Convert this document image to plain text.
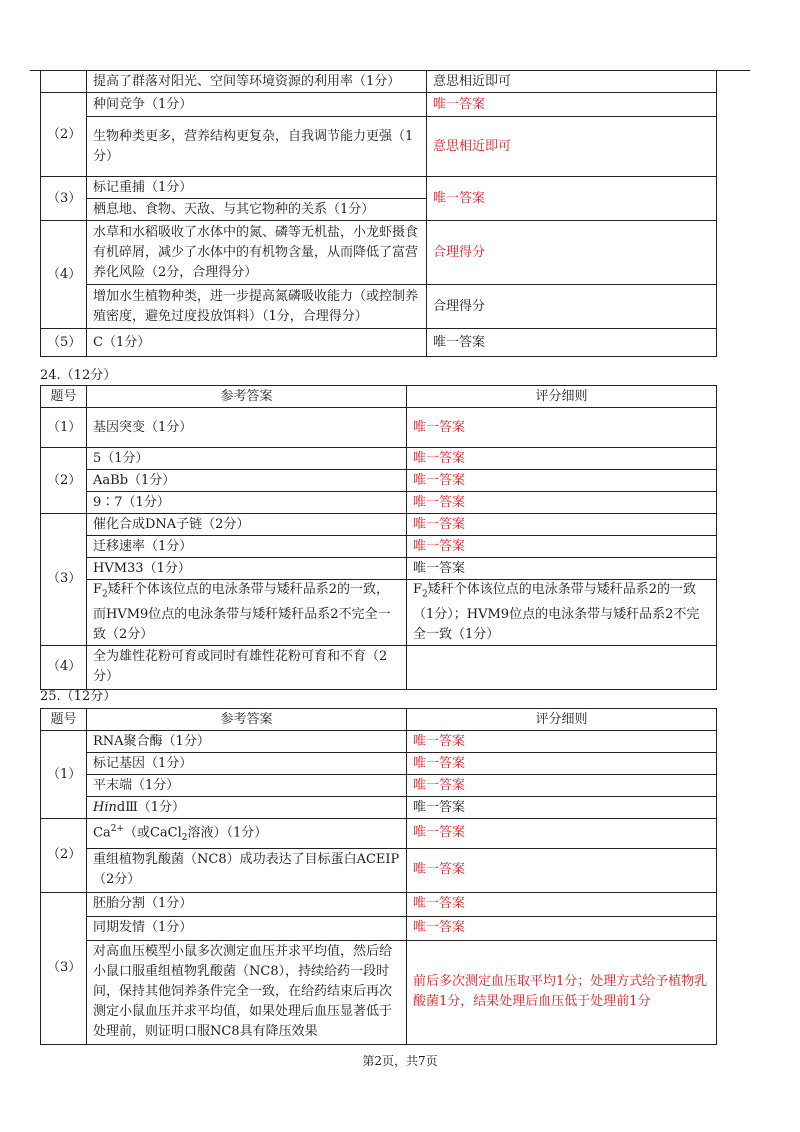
	提高了群落对阳光、空间等环境资源的利用率（1分）	意思相近即可
（2）	种间竞争（1分）	唯一答案
	生物种类更多，营养结构更复杂，自我调节能力更强（1分）	意思相近即可
（3）	标记重捕（1分）	唯一答案
	栖息地、食物、天敌、与其它物种的关系（1分）	
（4）	水草和水稻吸收了水体中的氮、磷等无机盐，小龙虾摄食有机碎屑，减少了水体中的有机物含量，从而降低了富营养化风险（2分，合理得分）	合理得分
	增加水生植物种类，进一步提高氮磷吸收能力（或控制养殖密度，避免过度投放饵料）（1分，合理得分）	合理得分
（5）	C（1分）	唯一答案
24.（12分）
题号	参考答案	评分细则
（1）	基因突变（1分）	唯一答案
（2）	5（1分）	唯一答案
	AaBb（1分）	唯一答案
	9∶7（1分）	唯一答案
（3）	催化合成DNA子链（2分）	唯一答案
	迁移速率（1分）	唯一答案
	HVM33（1分）	唯一答案
	$F_2$矮秆个体该位点的电泳条带与矮秆品系2的一致，而HVM9位点的电泳条带与矮秆矮秆品系2不完全一致（2分）	$F_2$矮秆个体该位点的电泳条带与矮秆品系2的一致（1分）；HVM9位点的电泳条带与矮秆品系2不完全一致（1分）
（4）	全为雄性花粉可育或同时有雄性花粉可育和不育（2分）	
25.（12分）
题号	参考答案	评分细则
（1）	RNA聚合酶（1分）	唯一答案
	标记基因（1分）	唯一答案
	平末端（1分）	唯一答案
	HindⅢ（1分）	唯一答案
（2）	$Ca^{2+}$（或CaCl$_2$溶液）（1分）	唯一答案
	重组植物乳酸菌（NC8）成功表达了目标蛋白ACEIP（2分）	唯一答案
（3）	胚胎分割（1分）	唯一答案
	同期发情（1分）	唯一答案
	对高血压模型小鼠多次测定血压并求平均值，然后给小鼠口服重组植物乳酸菌（NC8），持续给药一段时间，保持其他饲养条件完全一致，在给药结束后再次测定小鼠血压并求平均值，如果处理后血压显著低于处理前，则证明口服NC8具有降压效果	前后多次测定血压取平均1分；处理方式给予植物乳酸菌1分，结果处理后血压低于处理前1分
第2页，共7页
